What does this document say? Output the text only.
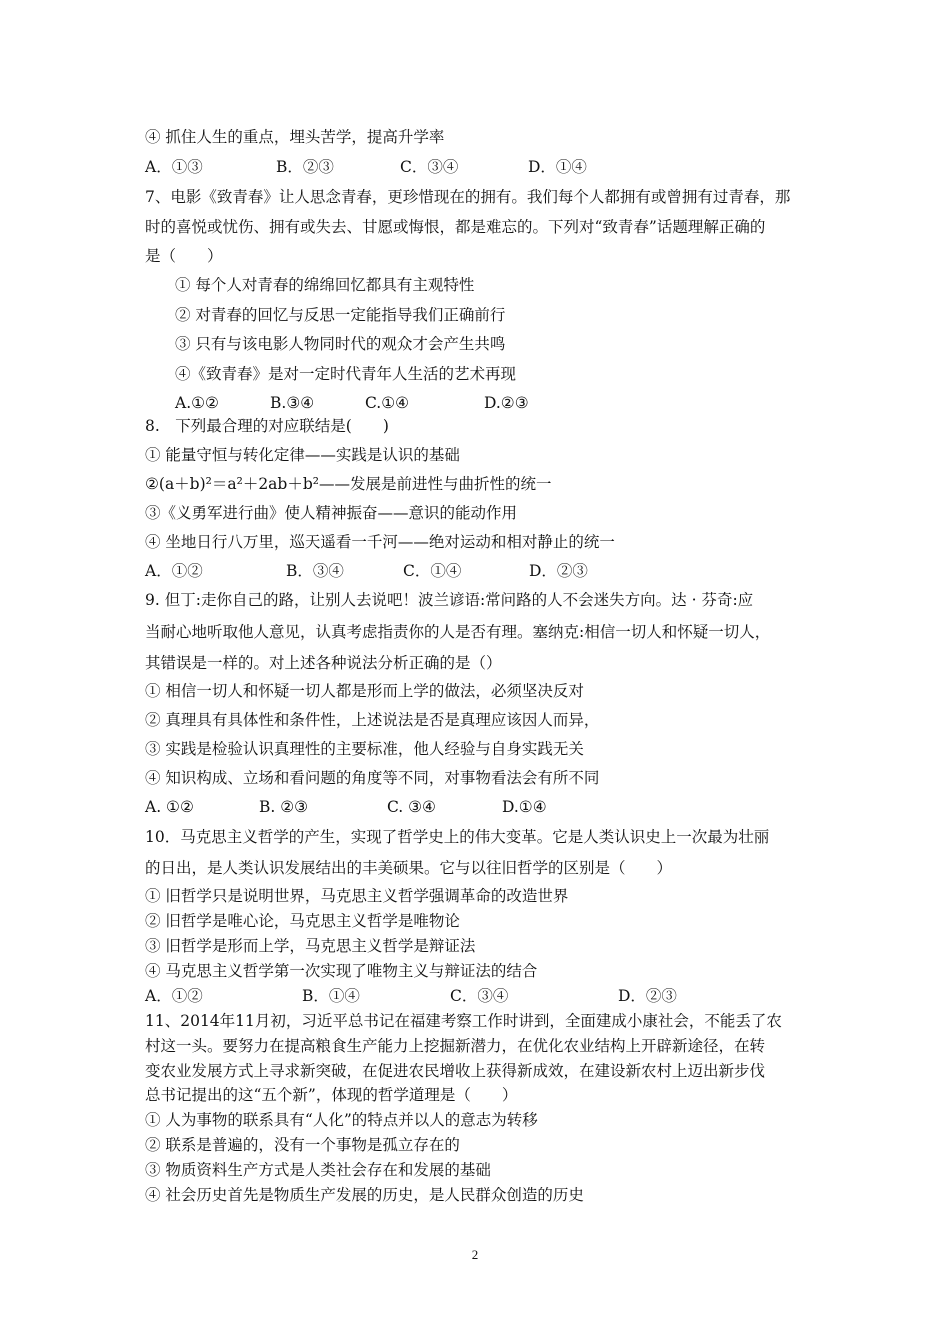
④ 抓住人生的重点，埋头苦学，提高升学率
A．①③	B．②③	C．③④	D．①④
7、电影《致青春》让人思念青春，更珍惜现在的拥有。我们每个人都拥有或曾拥有过青春，那
时的喜悦或忧伤、拥有或失去、甘愿或悔恨，都是难忘的。下列对“致青春”话题理解正确的
是（　　）
① 每个人对青春的绵绵回忆都具有主观特性
② 对青春的回忆与反思一定能指导我们正确前行
③ 只有与该电影人物同时代的观众才会产生共鸣
④《致青春》是对一定时代青年人生活的艺术再现
A.①②	B.③④	C.①④	D.②③
8.　下列最合理的对应联结是(　　)
① 能量守恒与转化定律——实践是认识的基础
②(a＋b)²＝a²＋2ab＋b²——发展是前进性与曲折性的统一
③《义勇军进行曲》使人精神振奋——意识的能动作用
④ 坐地日行八万里，巡天遥看一千河——绝对运动和相对静止的统一
A．①②	B．③④	C．①④	D．②③
9. 但丁:走你自己的路，让别人去说吧！波兰谚语:常问路的人不会迷失方向。达 · 芬奇:应
当耐心地听取他人意见，认真考虑指责你的人是否有理。塞纳克:相信一切人和怀疑一切人，
其错误是一样的。对上述各种说法分析正确的是（）
① 相信一切人和怀疑一切人都是形而上学的做法，必须坚决反对
② 真理具有具体性和条件性，上述说法是否是真理应该因人而异，
③ 实践是检验认识真理性的主要标准，他人经验与自身实践无关
④ 知识构成、立场和看问题的角度等不同，对事物看法会有所不同
A. ①②	B. ②③	C. ③④	D.①④
10．马克思主义哲学的产生，实现了哲学史上的伟大变革。它是人类认识史上一次最为壮丽
的日出，是人类认识发展结出的丰美硕果。它与以往旧哲学的区别是（　　）
① 旧哲学只是说明世界，马克思主义哲学强调革命的改造世界
② 旧哲学是唯心论，马克思主义哲学是唯物论
③ 旧哲学是形而上学，马克思主义哲学是辩证法
④ 马克思主义哲学第一次实现了唯物主义与辩证法的结合
A．①②	B．①④	C．③④	D．②③
11、2014年11月初，习近平总书记在福建考察工作时讲到，全面建成小康社会，不能丢了农
村这一头。要努力在提高粮食生产能力上挖掘新潜力，在优化农业结构上开辟新途径，在转
变农业发展方式上寻求新突破，在促进农民增收上获得新成效，在建设新农村上迈出新步伐
总书记提出的这“五个新”，体现的哲学道理是（　　）
① 人为事物的联系具有“人化”的特点并以人的意志为转移
② 联系是普遍的，没有一个事物是孤立存在的
③ 物质资料生产方式是人类社会存在和发展的基础
④ 社会历史首先是物质生产发展的历史，是人民群众创造的历史
2
